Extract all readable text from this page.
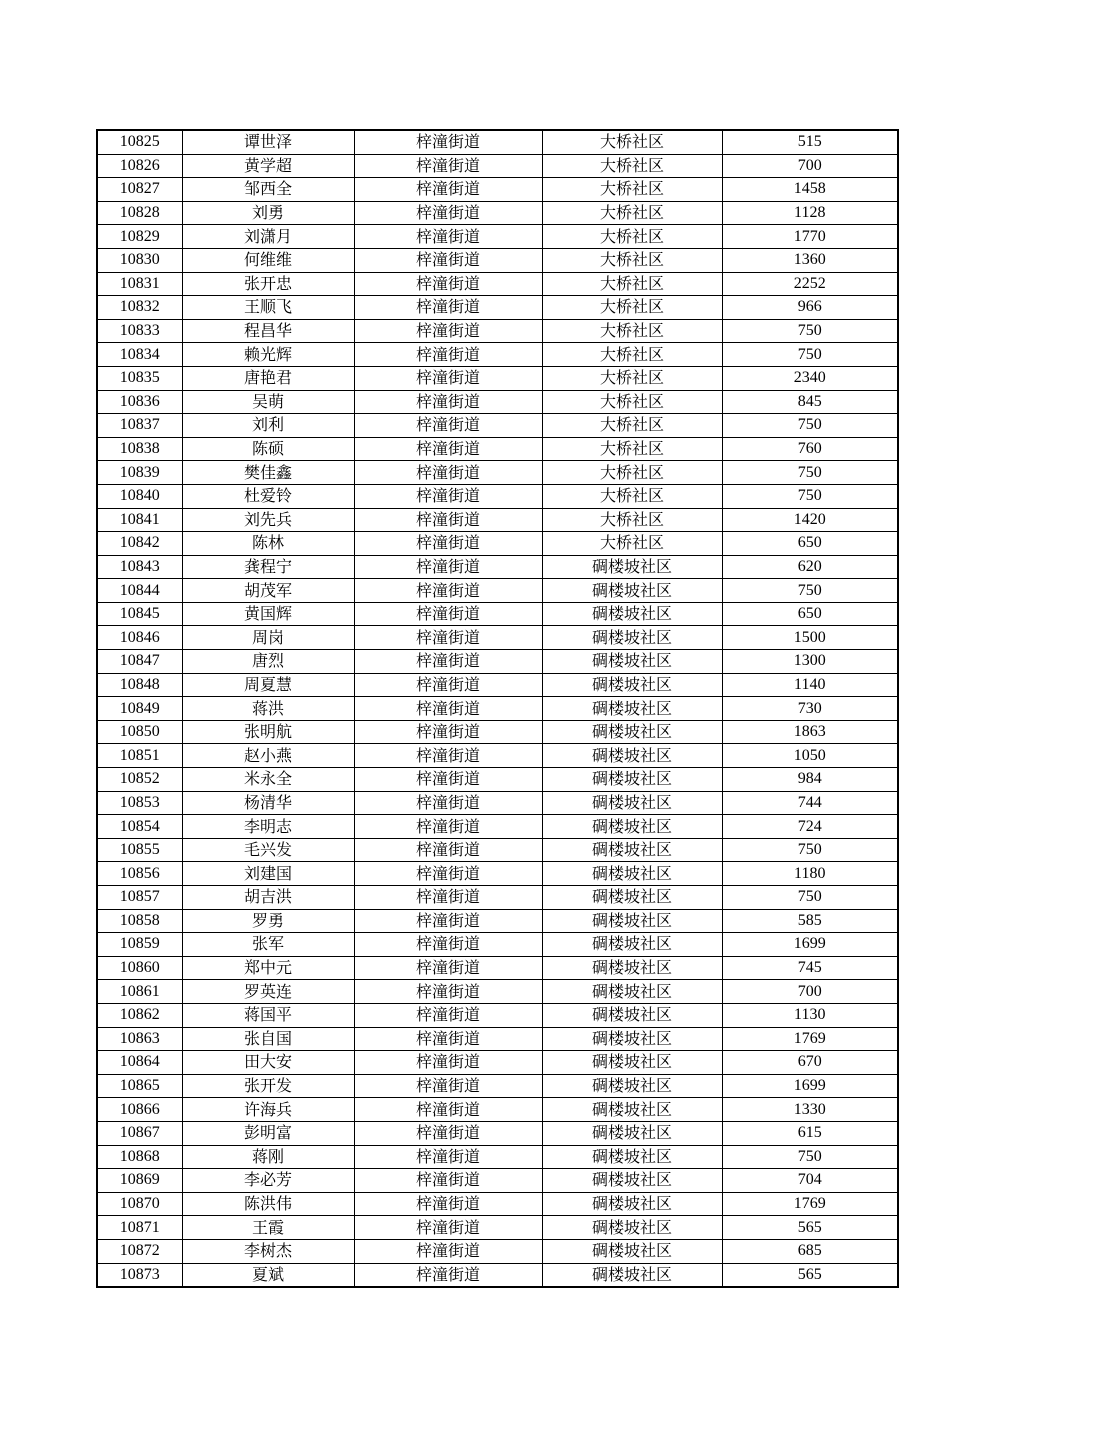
10825	谭世泽	梓潼街道	大桥社区	515
10826	黄学超	梓潼街道	大桥社区	700
10827	邹西全	梓潼街道	大桥社区	1458
10828	刘勇	梓潼街道	大桥社区	1128
10829	刘潇月	梓潼街道	大桥社区	1770
10830	何维维	梓潼街道	大桥社区	1360
10831	张开忠	梓潼街道	大桥社区	2252
10832	王顺飞	梓潼街道	大桥社区	966
10833	程昌华	梓潼街道	大桥社区	750
10834	赖光辉	梓潼街道	大桥社区	750
10835	唐艳君	梓潼街道	大桥社区	2340
10836	吴萌	梓潼街道	大桥社区	845
10837	刘利	梓潼街道	大桥社区	750
10838	陈硕	梓潼街道	大桥社区	760
10839	樊佳鑫	梓潼街道	大桥社区	750
10840	杜爱铃	梓潼街道	大桥社区	750
10841	刘先兵	梓潼街道	大桥社区	1420
10842	陈林	梓潼街道	大桥社区	650
10843	龚程宁	梓潼街道	碉楼坡社区	620
10844	胡茂军	梓潼街道	碉楼坡社区	750
10845	黄国辉	梓潼街道	碉楼坡社区	650
10846	周岗	梓潼街道	碉楼坡社区	1500
10847	唐烈	梓潼街道	碉楼坡社区	1300
10848	周夏慧	梓潼街道	碉楼坡社区	1140
10849	蒋洪	梓潼街道	碉楼坡社区	730
10850	张明航	梓潼街道	碉楼坡社区	1863
10851	赵小燕	梓潼街道	碉楼坡社区	1050
10852	米永全	梓潼街道	碉楼坡社区	984
10853	杨清华	梓潼街道	碉楼坡社区	744
10854	李明志	梓潼街道	碉楼坡社区	724
10855	毛兴发	梓潼街道	碉楼坡社区	750
10856	刘建国	梓潼街道	碉楼坡社区	1180
10857	胡吉洪	梓潼街道	碉楼坡社区	750
10858	罗勇	梓潼街道	碉楼坡社区	585
10859	张军	梓潼街道	碉楼坡社区	1699
10860	郑中元	梓潼街道	碉楼坡社区	745
10861	罗英连	梓潼街道	碉楼坡社区	700
10862	蒋国平	梓潼街道	碉楼坡社区	1130
10863	张自国	梓潼街道	碉楼坡社区	1769
10864	田大安	梓潼街道	碉楼坡社区	670
10865	张开发	梓潼街道	碉楼坡社区	1699
10866	许海兵	梓潼街道	碉楼坡社区	1330
10867	彭明富	梓潼街道	碉楼坡社区	615
10868	蒋刚	梓潼街道	碉楼坡社区	750
10869	李必芳	梓潼街道	碉楼坡社区	704
10870	陈洪伟	梓潼街道	碉楼坡社区	1769
10871	王霞	梓潼街道	碉楼坡社区	565
10872	李树杰	梓潼街道	碉楼坡社区	685
10873	夏斌	梓潼街道	碉楼坡社区	565
